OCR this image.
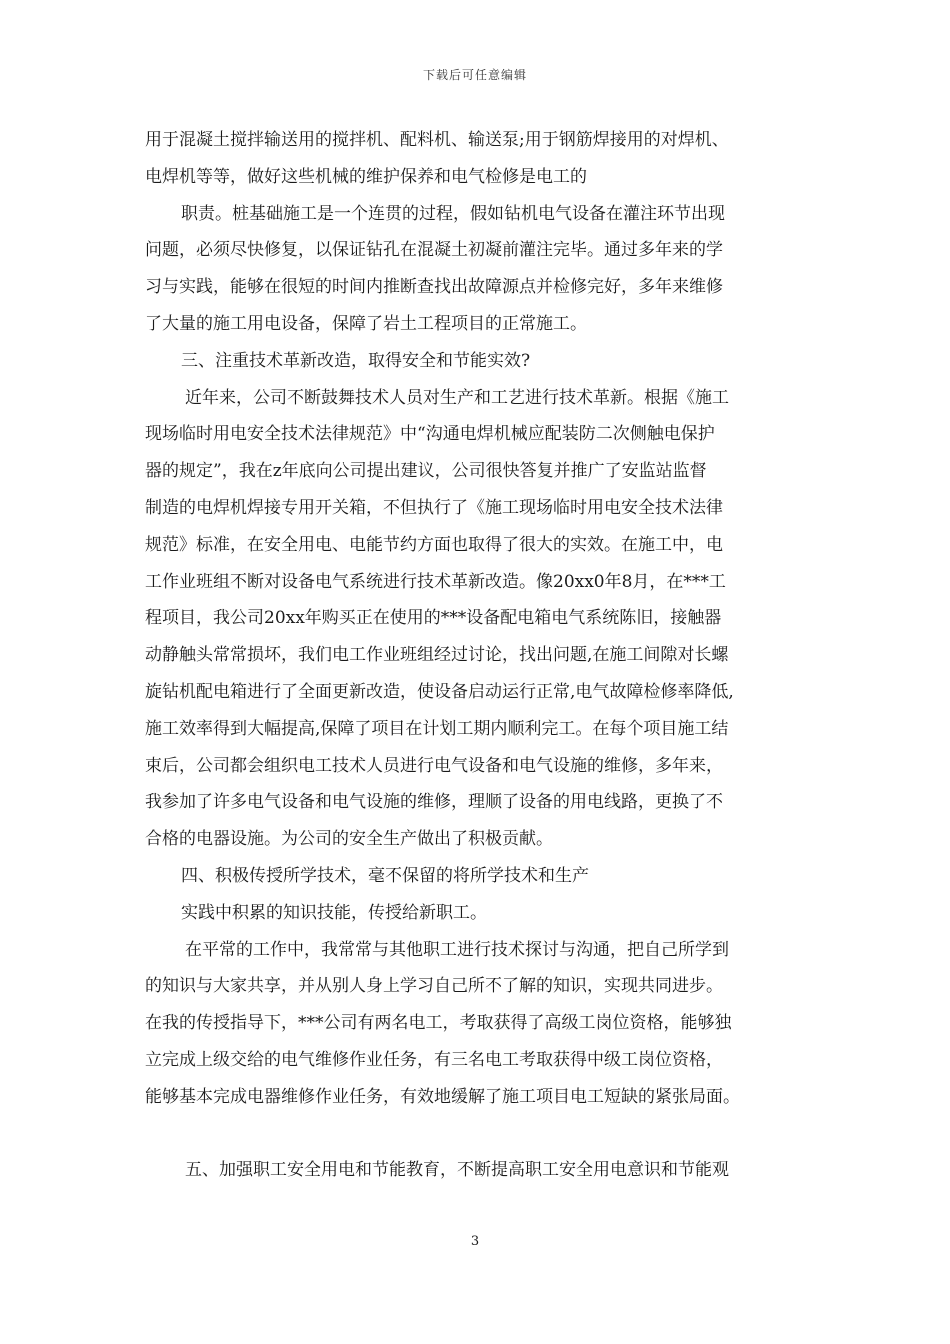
下载后可任意编辑
用于混凝土搅拌输送用的搅拌机、配料机、输送泵;用于钢筋焊接用的对焊机、
电焊机等等，做好这些机械的维护保养和电气检修是电工的
职责。桩基础施工是一个连贯的过程，假如钻机电气设备在灌注环节出现
问题，必须尽快修复，以保证钻孔在混凝土初凝前灌注完毕。通过多年来的学
习与实践，能够在很短的时间内推断查找出故障源点并检修完好，多年来维修
了大量的施工用电设备，保障了岩土工程项目的正常施工。
三、注重技术革新改造，取得安全和节能实效?
近年来，公司不断鼓舞技术人员对生产和工艺进行技术革新。根据《施工
现场临时用电安全技术法律规范》中“沟通电焊机械应配装防二次侧触电保护
器的规定”，我在z年底向公司提出建议，公司很快答复并推广了安监站监督
制造的电焊机焊接专用开关箱，不但执行了《施工现场临时用电安全技术法律
规范》标准，在安全用电、电能节约方面也取得了很大的实效。在施工中，电
工作业班组不断对设备电气系统进行技术革新改造。像20xx0年8月，在***工
程项目，我公司20xx年购买正在使用的***设备配电箱电气系统陈旧，接触器
动静触头常常损坏，我们电工作业班组经过讨论，找出问题,在施工间隙对长螺
旋钻机配电箱进行了全面更新改造，使设备启动运行正常,电气故障检修率降低,
施工效率得到大幅提高,保障了项目在计划工期内顺利完工。在每个项目施工结
束后，公司都会组织电工技术人员进行电气设备和电气设施的维修，多年来，
我参加了许多电气设备和电气设施的维修，理顺了设备的用电线路，更换了不
合格的电器设施。为公司的安全生产做出了积极贡献。
四、积极传授所学技术，毫不保留的将所学技术和生产
实践中积累的知识技能，传授给新职工。
在平常的工作中，我常常与其他职工进行技术探讨与沟通，把自己所学到
的知识与大家共享，并从别人身上学习自己所不了解的知识，实现共同进步。
在我的传授指导下，***公司有两名电工，考取获得了高级工岗位资格，能够独
立完成上级交给的电气维修作业任务，有三名电工考取获得中级工岗位资格，
能够基本完成电器维修作业任务，有效地缓解了施工项目电工短缺的紧张局面。
五、加强职工安全用电和节能教育，不断提高职工安全用电意识和节能观
3
